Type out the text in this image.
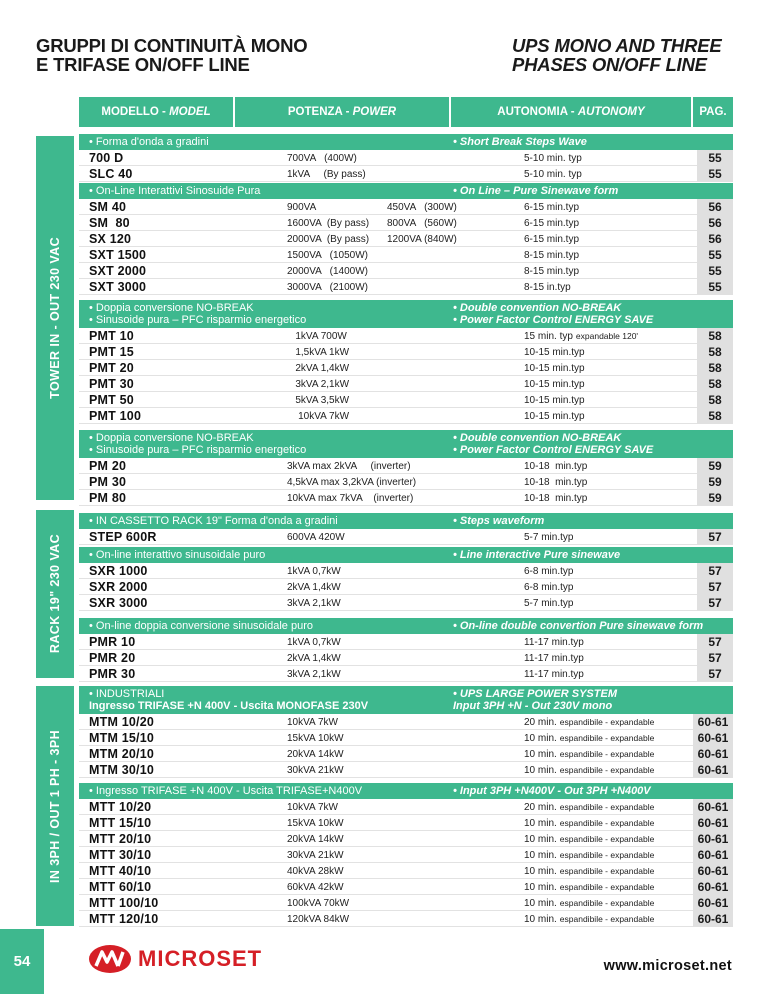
GRUPPI DI CONTINUITÀ MONO
E TRIFASE ON/OFF LINE
UPS MONO AND THREE
PHASES ON/OFF LINE
MODELLO -
MODEL	POTENZA -
POWER	AUTONOMIA -
AUTONOMY	PAG.
TOWER IN - OUT 230 VAC
RACK 19" 230 VAC
IN 3PH / OUT 1 PH - 3PH
• Forma d'onda a gradini	• Short Break Steps Wave
700 D	700VA   (400W)	5-10 min. typ	55
SLC 40	1kVA     (By pass)	5-10 min. typ	55
• On-Line Interattivi Sinosuide Pura	• On Line – Pure Sinewave form
SM 40	900VA	450VA   (300W)	6-15 min.typ	56
SM  80	1600VA  (By pass) 800VA   (560W)	6-15 min.typ	56
SX 120	2000VA  (By pass) 1200VA (840W)	6-15 min.typ	56
SXT 1500	1500VA   (1050W)	8-15 min.typ	55
SXT 2000	2000VA   (1400W)	8-15 min.typ	55
SXT 3000	3000VA   (2100W)	8-15 in.typ	55
• Doppia conversione NO-BREAK
• Sinusoide pura – PFC risparmio energetico
• Double convention NO-BREAK
• Power Factor Control ENERGY SAVE
PMT 10	1kVA 700W	15 min. typ expandable 120'	58
PMT 15	1,5kVA 1kW	10-15 min.typ	58
PMT 20	2kVA 1,4kW	10-15 min.typ	58
PMT 30	3kVA 2,1kW	10-15 min.typ	58
PMT 50	5kVA 3,5kW	10-15 min.typ	58
PMT 100	10kVA 7kW	10-15 min.typ	58
• Doppia conversione NO-BREAK
• Sinusoide pura – PFC risparmio energetico
• Double convention NO-BREAK
• Power Factor Control ENERGY SAVE
PM 20	3kVA max 2kVA     (inverter)	10-18  min.typ	59
PM 30	4,5kVA max 3,2kVA (inverter)	10-18  min.typ	59
PM 80	10kVA max 7kVA    (inverter)	10-18  min.typ	59
• IN CASSETTO RACK 19" Forma d'onda a gradini	• Steps waveform
STEP 600R	600VA 420W	5-7 min.typ	57
• On-line interattivo sinusoidale puro	• Line interactive Pure sinewave
SXR 1000	1kVA 0,7kW	6-8 min.typ	57
SXR 2000	2kVA 1,4kW	6-8 min.typ	57
SXR 3000	3kVA 2,1kW	5-7 min.typ	57
• On-line doppia conversione sinusoidale puro	• On-line double convertion Pure sinewave form
PMR 10	1kVA 0,7kW	11-17 min.typ	57
PMR 20	2kVA 1,4kW	11-17 min.typ	57
PMR 30	3kVA 2,1kW	11-17 min.typ	57
• INDUSTRIALI
Ingresso TRIFASE +N 400V - Uscita MONOFASE 230V
• UPS LARGE POWER SYSTEM
Input 3PH +N - Out 230V mono
MTM 10/20	10kVA 7kW	20 min. espandibile - expandable	60-61
MTM 15/10	15kVA 10kW	10 min. espandibile - expandable	60-61
MTM 20/10	20kVA 14kW	10 min. espandibile - expandable	60-61
MTM 30/10	30kVA 21kW	10 min. espandibile - expandable	60-61
• Ingresso TRIFASE +N 400V - Uscita TRIFASE+N400V	• Input 3PH +N400V - Out 3PH +N400V
MTT 10/20	10kVA 7kW	20 min. espandibile - expandable	60-61
MTT 15/10	15kVA 10kW	10 min. espandibile - expandable	60-61
MTT 20/10	20kVA 14kW	10 min. espandibile - expandable	60-61
MTT 30/10	30kVA 21kW	10 min. espandibile - expandable	60-61
MTT 40/10	40kVA 28kW	10 min. espandibile - expandable	60-61
MTT 60/10	60kVA 42kW	10 min. espandibile - expandable	60-61
MTT 100/10	100kVA 70kW	10 min. espandibile - expandable	60-61
MTT 120/10	120kVA 84kW	10 min. espandibile - expandable	60-61
54	MICROSET	www.microset.net
